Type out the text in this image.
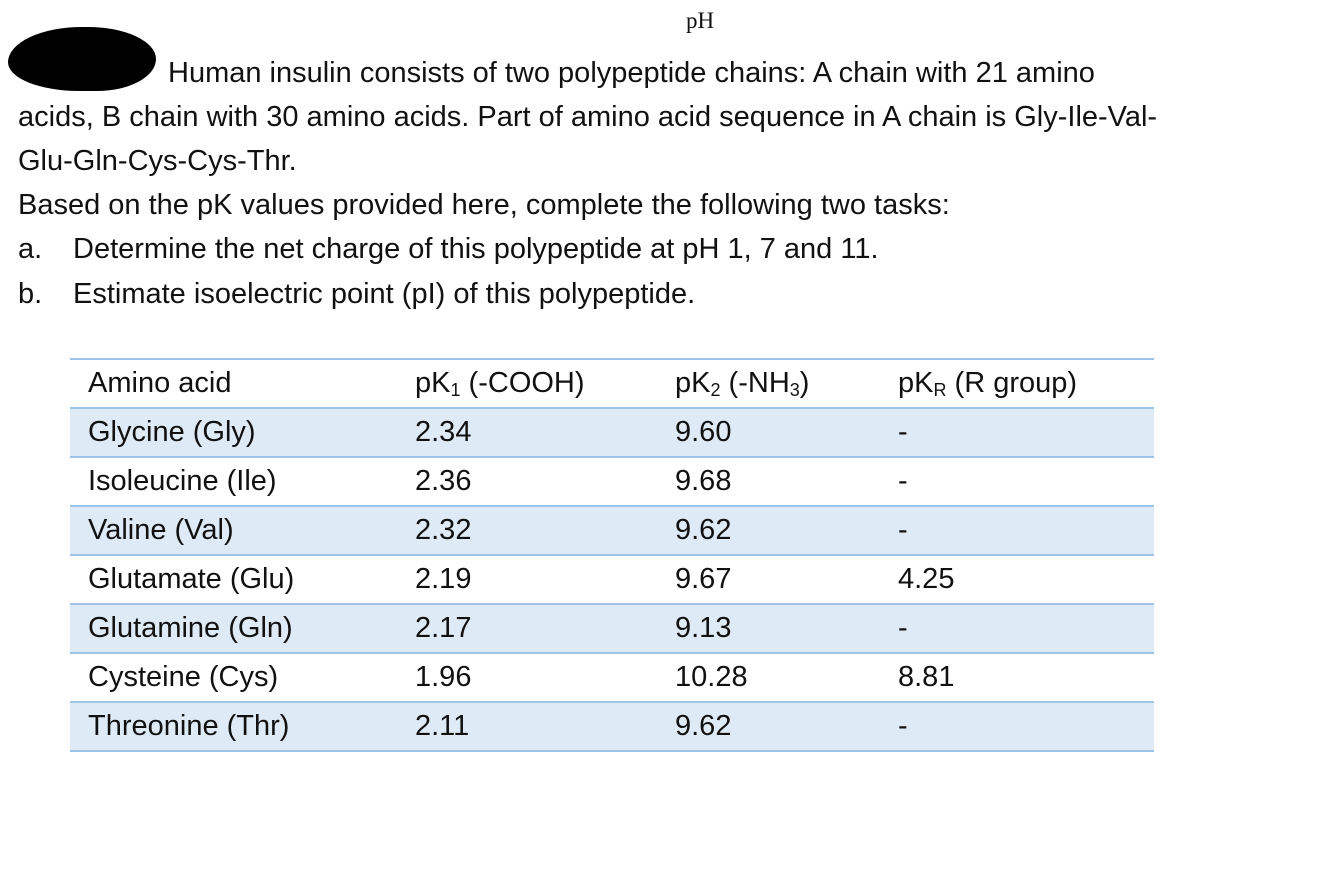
pH

Human insulin consists of two polypeptide chains: A chain with 21 amino

acids, B chain with 30 amino acids. Part of amino acid sequence in A chain is Gly-Ile-Val-

Glu-Gln-Cys-Cys-Thr.

Based on the pK values provided here, complete the following two tasks:

a. Determine the net charge of this polypeptide at pH 1, 7 and 11.
b. Estimate isoelectric point (pI) of this polypeptide.
Amino acid	$pK_1$ (-COOH)	$pK_2$ $(-NH_3)$	$pK_R$ (R group)
Glycine (Gly)	2.34	9.60	-
Isoleucine (Ile)	2.36	9.68	-
Valine (Val)	2.32	9.62	-
Glutamate (Glu)	2.19	9.67	4.25
Glutamine (Gln)	2.17	9.13	-
Cysteine (Cys)	1.96	10.28	8.81
Threonine (Thr)	2.11	9.62	-
